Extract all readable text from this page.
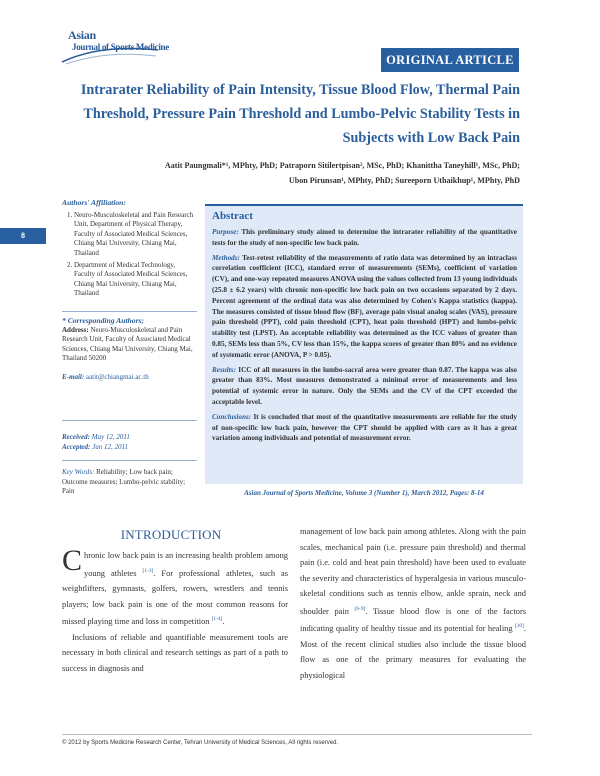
Asian
Journal of Sports Medicine
ORIGINAL ARTICLE
Intrarater Reliability of Pain Intensity, Tissue Blood Flow, Thermal Pain Threshold, Pressure Pain Threshold and Lumbo-Pelvic Stability Tests in Subjects with Low Back Pain
Aatit Paungmali*¹, MPhty, PhD; Patraporn Sitilertpisan², MSc, PhD; Khanittha Taneyhill¹, MSc, PhD;
Ubon Pirunsan¹, MPhty, PhD; Sureeporn Uthaikhup¹, MPhty, PhD
8
Authors' Affiliation:
1. Neuro-Musculoskeletal and Pain Research Unit, Department of Physical Therapy, Faculty of Associated Medical Sciences, Chiang Mai University, Chiang Mai, Thailand
2. Department of Medical Technology, Faculty of Associated Medical Sciences, Chiang Mai University, Chiang Mai, Thailand
* Corresponding Authors;
Address: Neuro-Musculoskeletal and Pain Research Unit, Faculty of Associated Medical Sciences, Chiang Mai University, Chiang Mai, Thailand 50200
E-mail: aatit@chiangmai.ac.th
Received: May 12, 2011
Accepted: Jun 12, 2011
Key Words: Reliability; Low back pain; Outcome measures; Lumbo-pelvic stability; Pain
Abstract

Purpose: This preliminary study aimed to determine the intrarater reliability of the quantitative tests for the study of non-specific low back pain.

Methods: Test-retest reliability of the measurements of ratio data was determined by an intraclass correlation coefficient (ICC), standard error of measurements (SEMs), coefficient of variation (CV), and one-way repeated measures ANOVA using the values collected from 13 young individuals (25.8 ± 6.2 years) with chronic non-specific low back pain on two occasions separated by 2 days. Percent agreement of the ordinal data was also determined by Cohen's Kappa statistics (kappa). The measures consisted of tissue blood flow (BF), average pain visual analog scales (VAS), pressure pain threshold (PPT), cold pain threshold (CPT), heat pain threshold (HPT) and lumbo-pelvic stability test (LPST). An acceptable reliability was determined as the ICC values of greater than 0.85, SEMs less than 5%, CV less than 15%, the kappa scores of greater than 80% and no evidence of systematic error (ANOVA, P > 0.05).

Results: ICC of all measures in the lumbo-sacral area were greater than 0.87. The kappa was also greater than 83%. Most measures demonstrated a minimal error of measurements and less potential of systemic error in nature. Only the SEMs and the CV of the CPT exceeded the acceptable level.

Conclusions: It is concluded that most of the quantitative measurements are reliable for the study of non-specific low back pain, however the CPT should be applied with care as it has a great variation among individuals and potential of measurement error.

Asian Journal of Sports Medicine, Volume 3 (Number 1), March 2012, Pages: 8-14
INTRODUCTION

Chronic low back pain is an increasing health problem among young athletes [1-3]. For professional athletes, such as weightlifters, gymnasts, golfers, rowers, wrestlers and tennis players; low back pain is one of the most common reasons for missed playing time and loss in competition [1-4].

Inclusions of reliable and quantifiable measurement tools are necessary in both clinical and research settings as part of a path to success in diagnosis and

management of low back pain among athletes. Along with the pain scales, mechanical pain (i.e. pressure pain threshold) and thermal pain (i.e. cold and heat pain threshold) have been used to evaluate the severity and characteristics of hyperalgesia in various musculo-skeletal conditions such as tennis elbow, ankle sprain, neck and shoulder pain [6-9]. Tissue blood flow is one of the factors indicating quality of healthy tissue and its potential for healing [10]. Most of the recent clinical studies also include the tissue blood flow as one of the primary measures for evaluating the physiological

© 2012 by Sports Medicine Research Center, Tehran University of Medical Sciences, All rights reserved.
